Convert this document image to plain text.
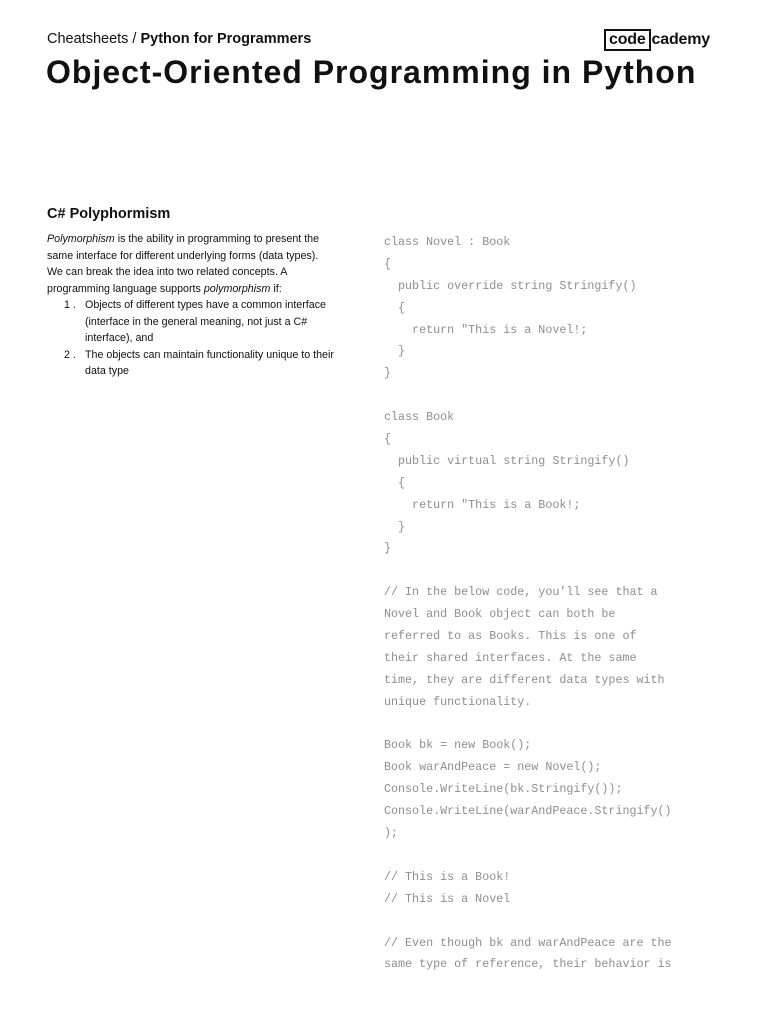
Cheatsheets / Python for Programmers	code cademy
Object-Oriented Programming in Python
C# Polyphormism

Polymorphism is the ability in programming to present the same interface for different underlying forms (data types).

We can break the idea into two related concepts. A programming language supports polymorphism if:

1 . Objects of different types have a common interface (interface in the general meaning, not just a C# interface), and
2 . The objects can maintain functionality unique to their data type
class Novel : Book
{
public override string Stringify()
{
return "This is a Novel!;
}
}
class Book
{
public virtual string Stringify()
{
return "This is a Book!;
}
}
// In the below code, you’ll see that a
Novel and Book object can both be
referred to as Books. This is one of
their shared interfaces. At the same
time, they are different data types with
unique functionality.
Book bk = new Book();
Book warAndPeace = new Novel();
Console.WriteLine(bk.Stringify());
Console.WriteLine(warAndPeace.Stringify()
);
// This is a Book!
// This is a Novel
// Even though bk and warAndPeace are the
same type of reference, their behavior is
